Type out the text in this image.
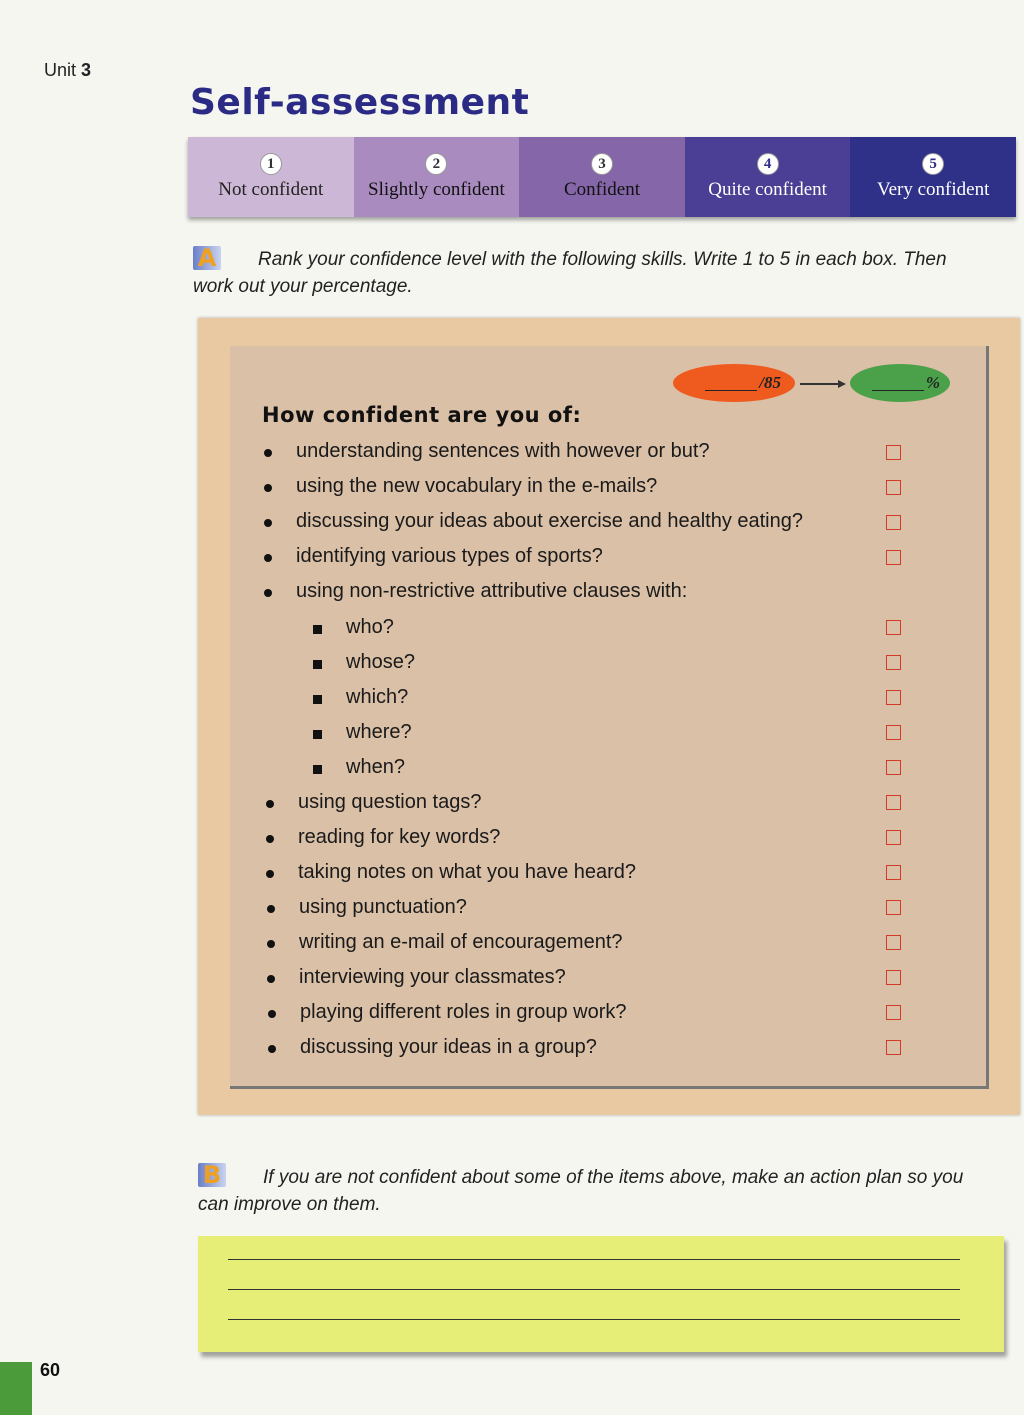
Unit 3
Self-assessment
1
Not confident
2
Slightly confident
3
Confident
4
Quite confident
5
Very confident
A Rank your confidence level with the following skills. Write 1 to 5 in each box. Then
work out your percentage.
/85	%
How confident are you of:
understanding sentences with however or but?
using the new vocabulary in the e-mails?
discussing your ideas about exercise and healthy eating?
identifying various types of sports?
using non-restrictive attributive clauses with:
who?
whose?
which?
where?
when?
using question tags?
reading for key words?
taking notes on what you have heard?
using punctuation?
writing an e-mail of encouragement?
interviewing your classmates?
playing different roles in group work?
discussing your ideas in a group?
B If you are not confident about some of the items above, make an action plan so you
can improve on them.
60
